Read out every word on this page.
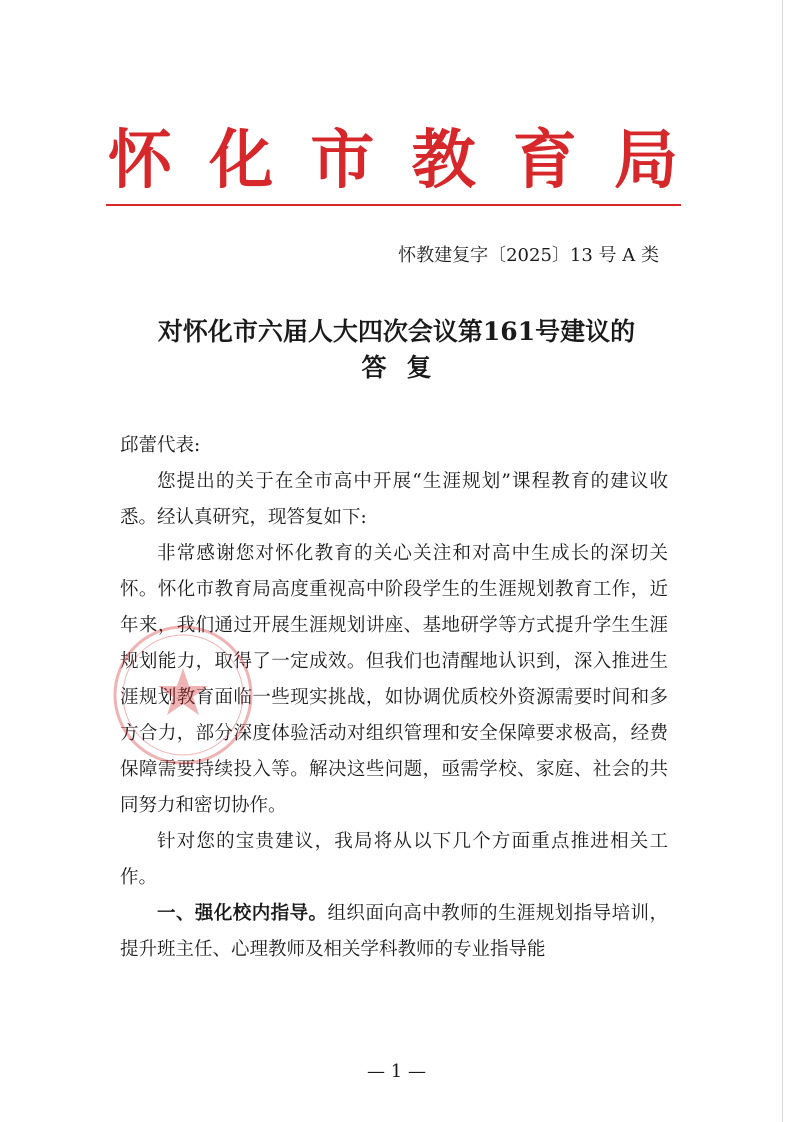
怀 化 市 教 育 局
怀教建复字〔2025〕13 号 A 类
对怀化市六届人大四次会议第161号建议的
答复

邱蕾代表:

您提出的关于在全市高中开展“生涯规划”课程教育的建议收悉。经认真研究，现答复如下:

非常感谢您对怀化教育的关心关注和对高中生成长的深切关怀。怀化市教育局高度重视高中阶段学生的生涯规划教育工作，近年来，我们通过开展生涯规划讲座、基地研学等方式提升学生生涯规划能力，取得了一定成效。但我们也清醒地认识到，深入推进生涯规划教育面临一些现实挑战，如协调优质校外资源需要时间和多方合力，部分深度体验活动对组织管理和安全保障要求极高，经费保障需要持续投入等。解决这些问题，亟需学校、家庭、社会的共同努力和密切协作。

针对您的宝贵建议，我局将从以下几个方面重点推进相关工作。

一、强化校内指导。组织面向高中教师的生涯规划指导培训，提升班主任、心理教师及相关学科教师的专业指导能

— 1 —
